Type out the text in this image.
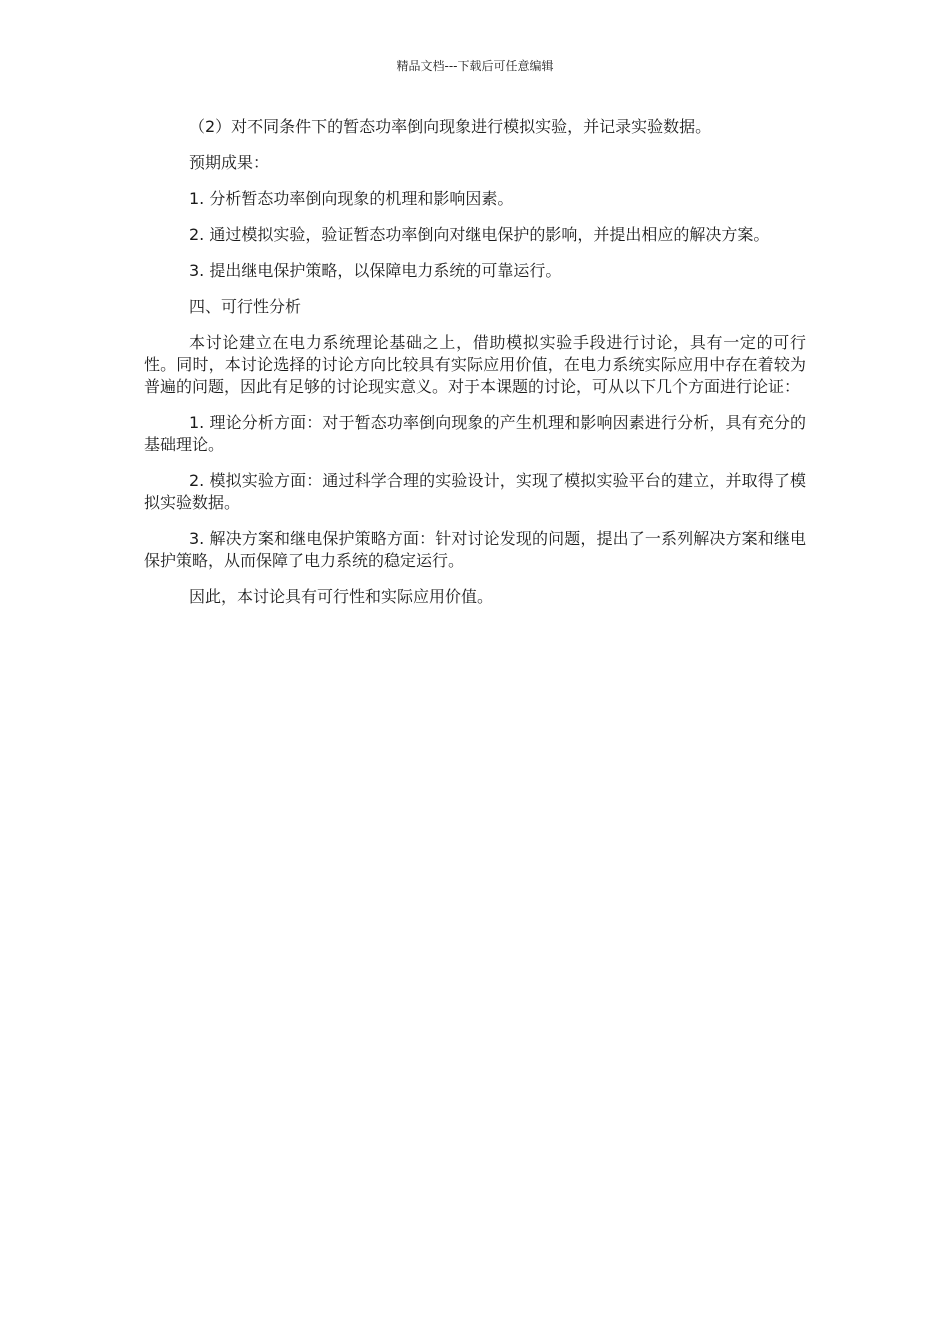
精品文档---下载后可任意编辑

（2）对不同条件下的暂态功率倒向现象进行模拟实验，并记录实验数据。

预期成果：

1. 分析暂态功率倒向现象的机理和影响因素。

2. 通过模拟实验，验证暂态功率倒向对继电保护的影响，并提出相应的解决方案。

3. 提出继电保护策略，以保障电力系统的可靠运行。

四、可行性分析

本讨论建立在电力系统理论基础之上，借助模拟实验手段进行讨论，具有一定的可行性。同时，本讨论选择的讨论方向比较具有实际应用价值，在电力系统实际应用中存在着较为普遍的问题，因此有足够的讨论现实意义。对于本课题的讨论，可从以下几个方面进行论证：

1. 理论分析方面：对于暂态功率倒向现象的产生机理和影响因素进行分析，具有充分的基础理论。

2. 模拟实验方面：通过科学合理的实验设计，实现了模拟实验平台的建立，并取得了模拟实验数据。

3. 解决方案和继电保护策略方面：针对讨论发现的问题，提出了一系列解决方案和继电保护策略，从而保障了电力系统的稳定运行。

因此，本讨论具有可行性和实际应用价值。
